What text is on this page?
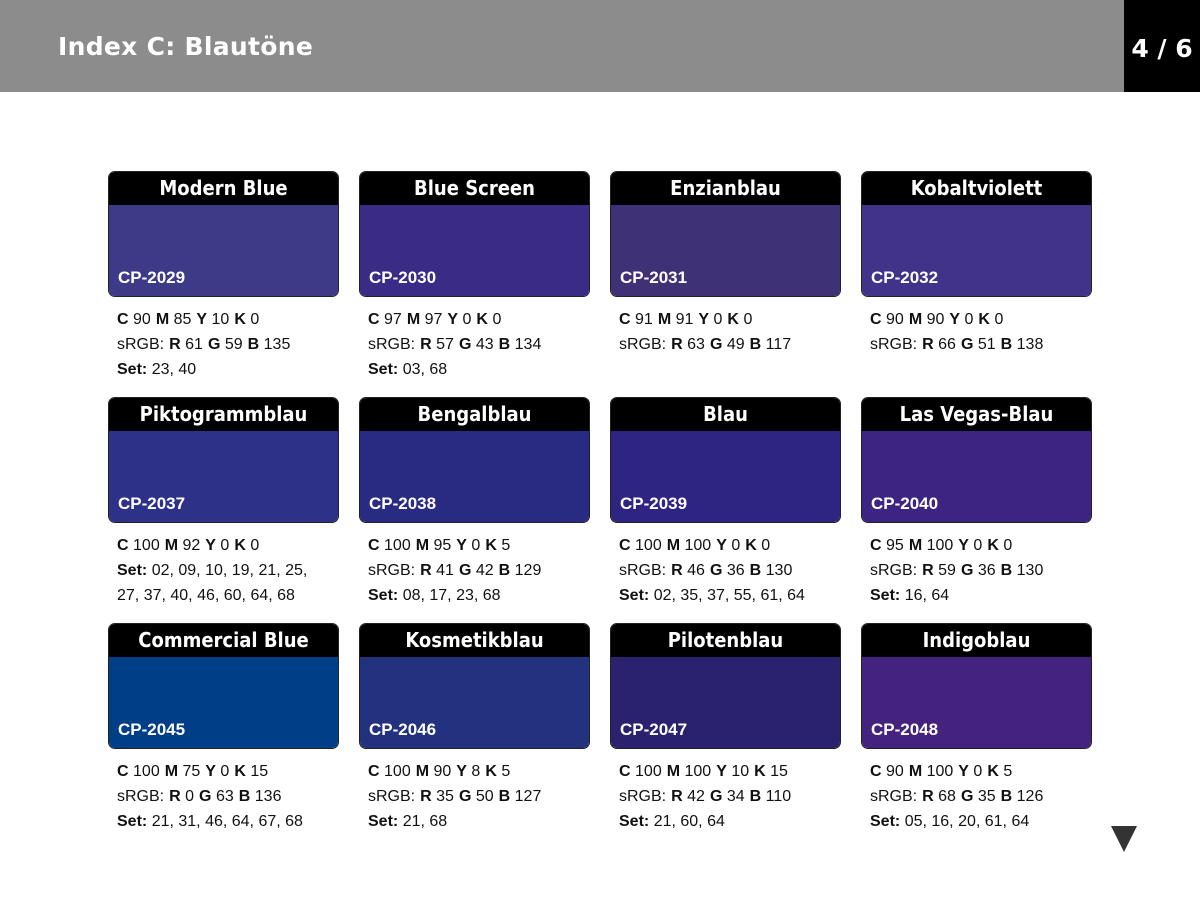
Index C: Blautöne	4 / 6
Modern Blue
CP-2029
C 90 M 85 Y 10 K 0
sRGB: R 61 G 59 B 135
Set: 23, 40
Blue Screen
CP-2030
C 97 M 97 Y 0 K 0
sRGB: R 57 G 43 B 134
Set: 03, 68
Enzianblau
CP-2031
C 91 M 91 Y 0 K 0
sRGB: R 63 G 49 B 117
Kobaltviolett
CP-2032
C 90 M 90 Y 0 K 0
sRGB: R 66 G 51 B 138
Piktogrammblau
CP-2037
C 100 M 92 Y 0 K 0
Set: 02, 09, 10, 19, 21, 25, 27, 37, 40, 46, 60, 64, 68
Bengalblau
CP-2038
C 100 M 95 Y 0 K 5
sRGB: R 41 G 42 B 129
Set: 08, 17, 23, 68
Blau
CP-2039
C 100 M 100 Y 0 K 0
sRGB: R 46 G 36 B 130
Set: 02, 35, 37, 55, 61, 64
Las Vegas-Blau
CP-2040
C 95 M 100 Y 0 K 0
sRGB: R 59 G 36 B 130
Set: 16, 64
Commercial Blue
CP-2045
C 100 M 75 Y 0 K 15
sRGB: R 0 G 63 B 136
Set: 21, 31, 46, 64, 67, 68
Kosmetikblau
CP-2046
C 100 M 90 Y 8 K 5
sRGB: R 35 G 50 B 127
Set: 21, 68
Pilotenblau
CP-2047
C 100 M 100 Y 10 K 15
sRGB: R 42 G 34 B 110
Set: 21, 60, 64
Indigoblau
CP-2048
C 90 M 100 Y 0 K 5
sRGB: R 68 G 35 B 126
Set: 05, 16, 20, 61, 64
